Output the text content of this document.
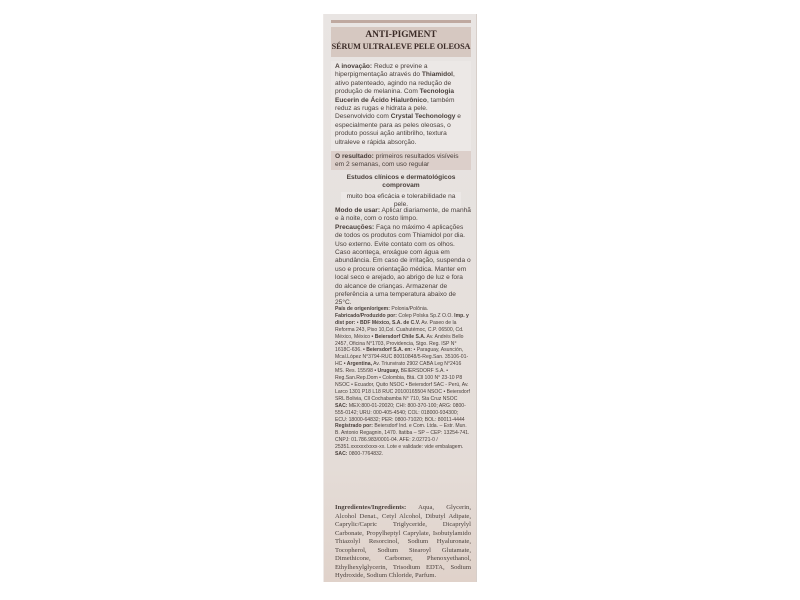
ANTI-PIGMENT
SÉRUM ULTRALEVE PELE OLEOSA
A inovação: Reduz e previne a hiperpigmentação através do Thiamidol, ativo patenteado, agindo na redução de produção de melanina. Com Tecnologia Eucerin de Ácido Hialurônico, também reduz as rugas e hidrata a pele. Desenvolvido com Crystal Techonology e especialmente para as peles oleosas, o produto possui ação antibrilho, textura ultraleve e rápida absorção.
O resultado: primeiros resultados visíveis em 2 semanas, com uso regular
Estudos clínicos e dermatológicos comprovam
muito boa eficácia e tolerabilidade na pele.

Modo de usar: Aplicar diariamente, de manhã e à noite, com o rosto limpo.

Precauções: Faça no máximo 4 aplicações de todos os produtos com Thiamidol por dia. Uso externo. Evite contato com os olhos. Caso aconteça, enxágue com água em abundância. Em caso de irritação, suspenda o uso e procure orientação médica. Manter em local seco e arejado, ao abrigo de luz e fora do alcance de crianças. Armazenar de preferência a uma temperatura abaixo de 25°C.

País de origen/origem: Polonia/Polônia.
Fabricado/Produzido por: Colep Polska Sp.Z O.O. Imp. y dist por: • BDF México, S.A. de C.V. Av. Paseo de la Reforma 243, Piso 10,Col. Cuahutémoc, C.P. 06500, Cd. México, México • Beiersdorf Chile S.A. Av. Andrés Bello 2457, Oficina N°1703, Providencia, Stgo. Reg. ISP N° 1618C-636. • Beiersdorf S.A. en: • Paraguay, Asunción, Mcal.López N°3794-RUC 80010848/5-Reg.San. 35106-01-HC • Argentina, Av. Triunvirato 2902 CABA Leg N°2416 MS. Res. 155/98 • Uruguay, BEIERSDORF S.A. • Reg.San.Rep.Dom • Colombia, Btá. Cll 100 N° 23-10 P8 NSOC • Ecuador, Quito NSOC • Beiersdorf SAC - Perú, Av. Larco 1301 P18 L18 RUC 20100165504 NSOC • Beiersdorf SRL Bolivia, Cll Cochabamba N° 710, Sta Cruz NSOC
SAC: MEX:800-01-20020; CHI: 800-370-100; ARG: 0800-555-0142; URU: 000-405-4540; COL: 018000-934300; ECU: 18000-64832; PER: 0800-71020; BOL: 80011-4444
Registrado por: Beiersdorf Ind. e Com. Ltda. – Estr. Mun. B. Antonio Regagnin, 1470. Itatiba – SP – CEP: 13254-741. CNPJ: 01.786.983/0001-04. AFE: 2.02721-0 / 25351.xxxxxx/xxxx-xx. Lote e validade: vide embalagem. SAC: 0800-7764832.
Ingredientes/Ingredients: Aqua, Glycerin, Alcohol Denat., Cetyl Alcohol, Dibutyl Adipate, Caprylic/Capric Triglyceride, Dicaprylyl Carbonate, Propylheptyl Caprylate, Isobutylamido Thiazolyl Resorcinol, Sodium Hyaluronate, Tocopherol, Sodium Stearoyl Glutamate, Dimethicone, Carbomer, Phenoxyethanol, Ethylhexylglycerin, Trisodium EDTA, Sodium Hydroxide, Sodium Chloride, Parfum.
